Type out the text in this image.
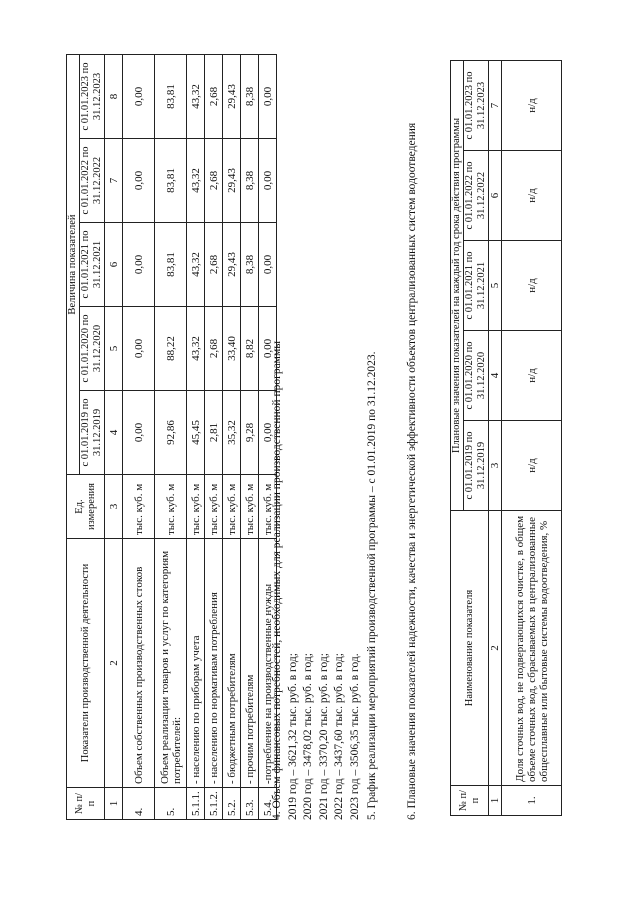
№ п/п	Показатели производственной деятельности	Ед. измерения	Величина показателей				
			с 01.01.2019 по 31.12.2019	с 01.01.2020 по 31.12.2020	с 01.01.2021 по 31.12.2021	с 01.01.2022 по 31.12.2022	с 01.01.2023 по 31.12.2023
1	2	3	4	5	6	7	8
4.	Объем собственных производственных стоков	тыс. куб. м	0,00	0,00	0,00	0,00	0,00
5.	Объем реализации товаров и услуг по категориям потребителей:	тыс. куб. м	92,86	88,22	83,81	83,81	83,81
5.1.1.	- населению по приборам учета	тыс. куб. м	45,45	43,32	43,32	43,32	43,32
5.1.2.	- населению по нормативам потребления	тыс. куб. м	2,81	2,68	2,68	2,68	2,68
5.2.	- бюджетным потребителям	тыс. куб. м	35,32	33,40	29,43	29,43	29,43
5.3.	- прочим потребителям	тыс. куб. м	9,28	8,82	8,38	8,38	8,38
5.4.	-потребление на производственные нужды	тыс. куб. м	0,00	0,00	0,00	0,00	0,00
4. Объем финансовых потребностей, необходимых для реализации производственной программы 2019 год – 3621,32 тыс. руб. в год; 2020 год – 3478,02 тыс. руб. в год; 2021 год – 3370,20 тыс. руб. в год; 2022 год – 3437,60 тыс. руб. в год; 2023 год – 3506,35 тыс. руб. в год. 5. График реализации мероприятий производственной программы – с 01.01.2019 по 31.12.2023. 6. Плановые значения показателей надежности, качества и энергетической эффективности объектов централизованных систем водоотведения	№ п/п	Наименование показателя	Плановые значения показателей на каждый год срока действия программы				
		с 01.01.2019 по 31.12.2019	с 01.01.2020 по 31.12.2020	с 01.01.2021 по 31.12.2021	с 01.01.2022 по 31.12.2022	с 01.01.2023 по 31.12.2023
1	2	3	4	5	6	7
1.	Доля сточных вод, не подвергающихся очистке, в общем объеме сточных вод, сбрасываемых в централизованные общесплавные или бытовые системы водоотведения, %	н/д	н/д	н/д	н/д	н/д
